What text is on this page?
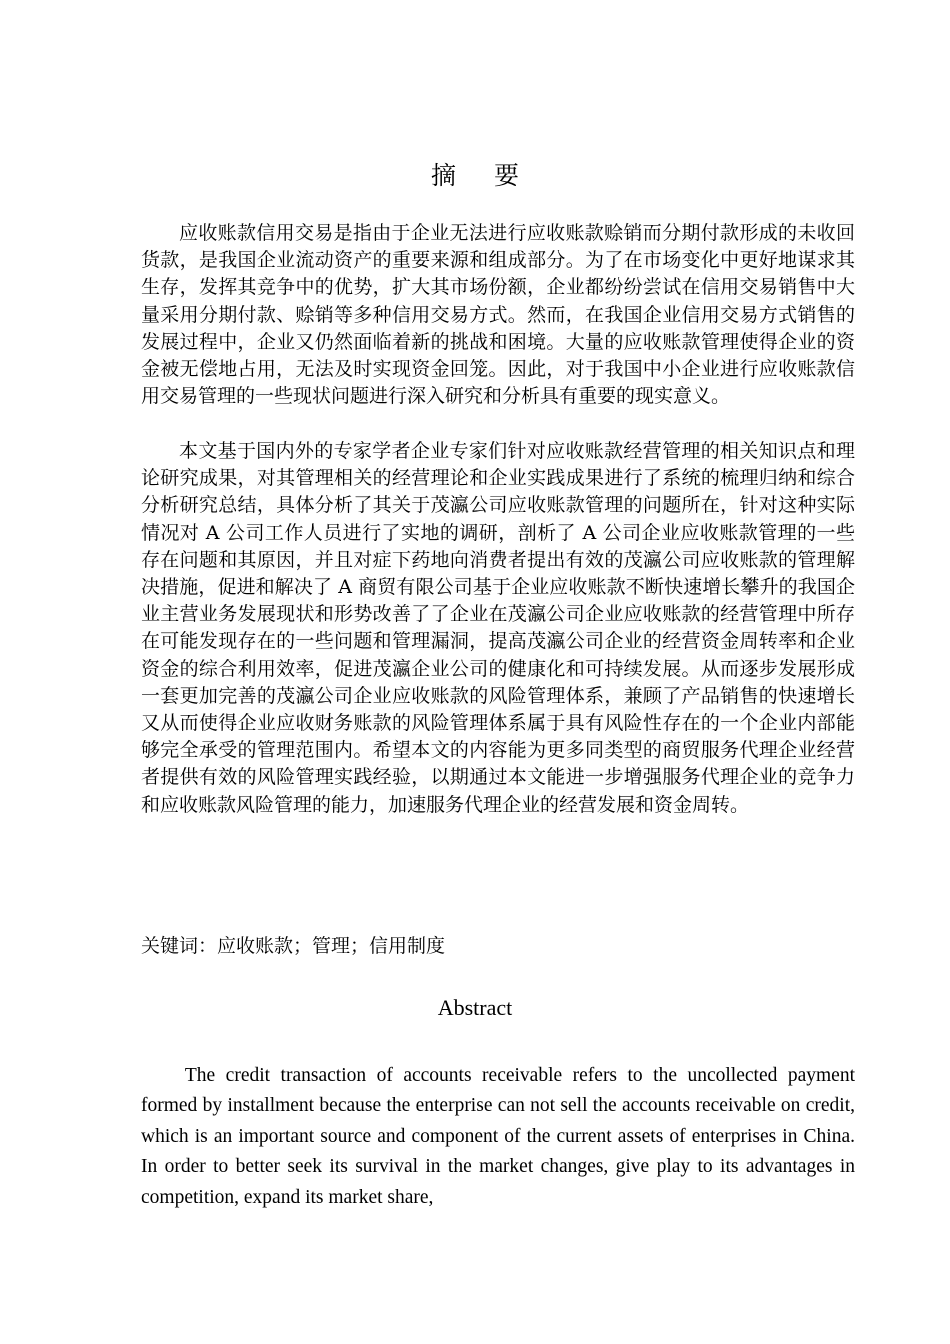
摘要

应收账款信用交易是指由于企业无法进行应收账款赊销而分期付款形成的未收回货款，是我国企业流动资产的重要来源和组成部分。为了在市场变化中更好地谋求其生存，发挥其竞争中的优势，扩大其市场份额，企业都纷纷尝试在信用交易销售中大量采用分期付款、赊销等多种信用交易方式。然而，在我国企业信用交易方式销售的发展过程中，企业又仍然面临着新的挑战和困境。大量的应收账款管理使得企业的资金被无偿地占用，无法及时实现资金回笼。因此，对于我国中小企业进行应收账款信用交易管理的一些现状问题进行深入研究和分析具有重要的现实意义。

本文基于国内外的专家学者企业专家们针对应收账款经营管理的相关知识点和理论研究成果，对其管理相关的经营理论和企业实践成果进行了系统的梳理归纳和综合分析研究总结，具体分析了其关于茂瀛公司应收账款管理的问题所在，针对这种实际情况对 A 公司工作人员进行了实地的调研，剖析了 A 公司企业应收账款管理的一些存在问题和其原因，并且对症下药地向消费者提出有效的茂瀛公司应收账款的管理解决措施，促进和解决了 A 商贸有限公司基于企业应收账款不断快速增长攀升的我国企业主营业务发展现状和形势改善了了企业在茂瀛公司企业应收账款的经营管理中所存在可能发现存在的一些问题和管理漏洞，提高茂瀛公司企业的经营资金周转率和企业资金的综合利用效率，促进茂瀛企业公司的健康化和可持续发展。从而逐步发展形成一套更加完善的茂瀛公司企业应收账款的风险管理体系，兼顾了产品销售的快速增长又从而使得企业应收财务账款的风险管理体系属于具有风险性存在的一个企业内部能够完全承受的管理范围内。希望本文的内容能为更多同类型的商贸服务代理企业经营者提供有效的风险管理实践经验，以期通过本文能进一步增强服务代理企业的竞争力和应收账款风险管理的能力，加速服务代理企业的经营发展和资金周转。

关键词：应收账款；管理；信用制度

Abstract

The credit transaction of accounts receivable refers to the uncollected payment formed by installment because the enterprise can not sell the accounts receivable on credit, which is an important source and component of the current assets of enterprises in China. In order to better seek its survival in the market changes, give play to its advantages in competition, expand its market share,
